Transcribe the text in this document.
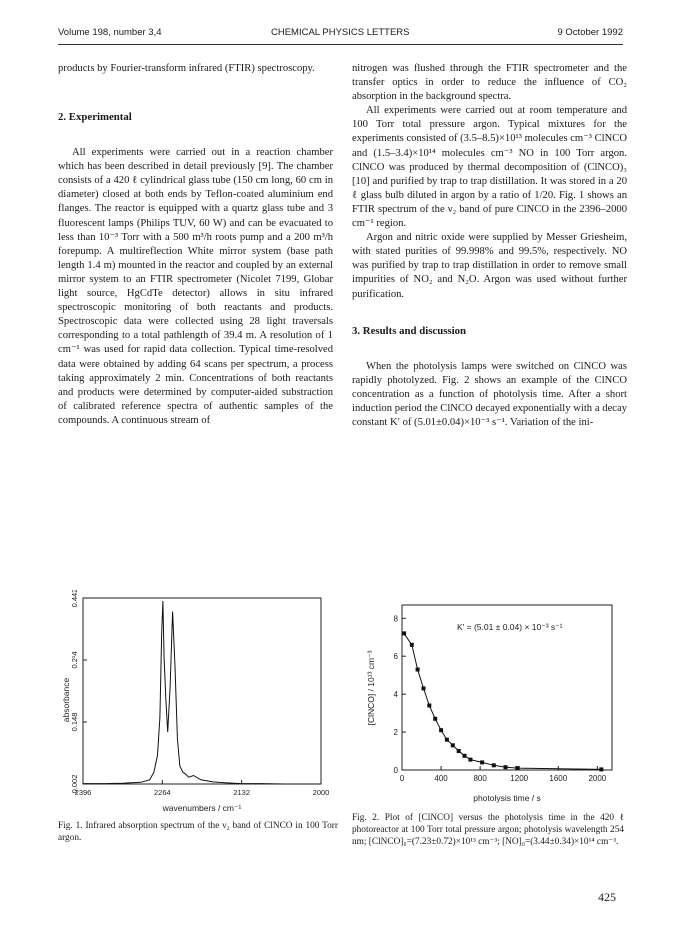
Volume 198, number 3,4	CHEMICAL PHYSICS LETTERS	9 October 1992

products by Fourier-transform infrared (FTIR) spectroscopy.

2. Experimental

All experiments were carried out in a reaction chamber which has been described in detail previously [9]. The chamber consists of a 420 ℓ cylindrical glass tube (150 cm long, 60 cm in diameter) closed at both ends by Teflon-coated aluminium end flanges. The reactor is equipped with a quartz glass tube and 3 fluorescent lamps (Philips TUV, 60 W) and can be evacuated to less than 10⁻³ Torr with a 500 m³/h roots pump and a 200 m³/h forepump. A multireflection White mirror system (base path length 1.4 m) mounted in the reactor and coupled by an external mirror system to an FTIR spectrometer (Nicolet 7199, Globar light source, HgCdTe detector) allows in situ infrared spectroscopic monitoring of both reactants and products. Spectroscopic data were collected using 28 light traversals corresponding to a total pathlength of 39.4 m. A resolution of 1 cm⁻¹ was used for rapid data collection. Typical time-resolved data were obtained by adding 64 scans per spectrum, a process taking approximately 2 min. Concentrations of both reactants and products were determined by computer-aided substraction of calibrated reference spectra of authentic samples of the compounds. A continuous stream of

nitrogen was flushed through the FTIR spectrometer and the transfer optics in order to reduce the influence of CO₂ absorption in the background spectra.

All experiments were carried out at room temperature and 100 Torr total pressure argon. Typical mixtures for the experiments consisted of (3.5–8.5)×10¹³ molecules cm⁻³ ClNCO and (1.5–3.4)×10¹⁴ molecules cm⁻³ NO in 100 Torr argon. ClNCO was produced by thermal decomposition of (ClNCO)₃ [10] and purified by trap to trap distillation. It was stored in a 20 ℓ glass bulb diluted in argon by a ratio of 1/20. Fig. 1 shows an FTIR spectrum of the ν₂ band of pure ClNCO in the 2396–2000 cm⁻¹ region.

Argon and nitric oxide were supplied by Messer Griesheim, with stated purities of 99.998% and 99.5%, respectively. NO was purified by trap to trap distillation in order to remove small impurities of NO₂ and N₂O. Argon was used without further purification.

3. Results and discussion

When the photolysis lamps were switched on ClNCO was rapidly photolyzed. Fig. 2 shows an example of the ClNCO concentration as a function of photolysis time. After a short induction period the ClNCO decayed exponentially with a decay constant K′ of (5.01±0.04)×10⁻³ s⁻¹. Variation of the ini-

2396	2264	2132	2000
0.002
0.148
0.2¹4
0.442
absorbance
wavenumbers / cm⁻¹
Fig. 1. Infrared absorption spectrum of the ν₂ band of ClNCO in 100 Torr argon.
0	400	800	1200	1600	2000
0
2
4
6
8
[ClNCO] / 10¹³ cm⁻³
photolysis time / s
K′ = (5.01 ± 0.04) × 10⁻³ s⁻¹
Fig. 2. Plot of [ClNCO] versus the photolysis time in the 420 ℓ photoreactor at 100 Torr total pressure argon; photolysis wavelength 254 nm; [ClNCO]₀=(7.23±0.72)×10¹³ cm⁻³; [NO]₀=(3.44±0.34)×10¹⁴ cm⁻³.
425
